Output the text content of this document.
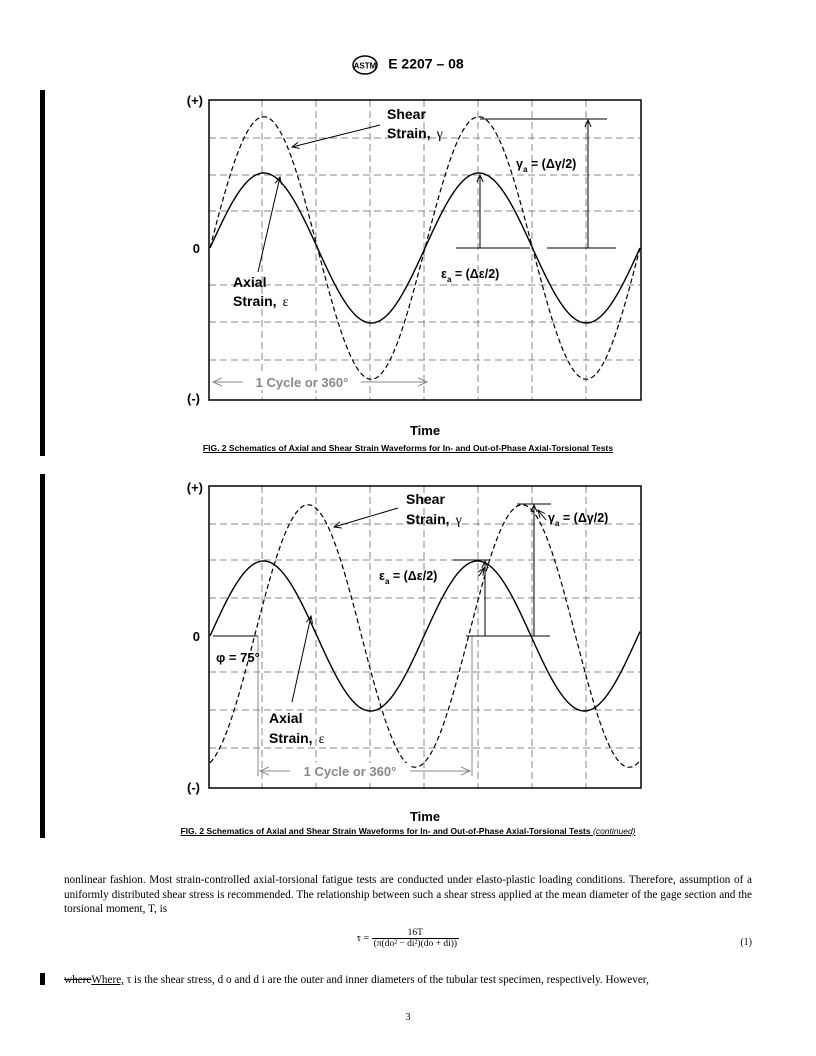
ASTM E 2207 – 08
(+)
0
(-)
Time
Shear
Strain, γ
Axial
Strain, ε
$\gamma_a = (\Delta\gamma/2)$
$\varepsilon_a = (\Delta\varepsilon/2)$
1 Cycle or 360°
FIG. 2 Schematics of Axial and Shear Strain Waveforms for In- and Out-of-Phase Axial-Torsional Tests
(+)
0
(-)
Time
φ = 75°
Shear
Strain, γ
Axial
Strain, ε
$\gamma_a = (\Delta\gamma/2)$
$\varepsilon_a = (\Delta\varepsilon/2)$
1 Cycle or 360°
FIG. 2 Schematics of Axial and Shear Strain Waveforms for In- and Out-of-Phase Axial-Torsional Tests (continued)
nonlinear fashion. Most strain-controlled axial-torsional fatigue tests are conducted under elasto-plastic loading conditions. Therefore, assumption of a uniformly distributed shear stress is recommended. The relationship between such a shear stress applied at the mean diameter of the gage section and the torsional moment, T, is
$\tau = \frac{16T}{\text{(π(do² − di²)(do + di))}}$	(1)
whereWhere, τ is the shear stress, d o and d i are the outer and inner diameters of the tubular test specimen, respectively. However,
3
